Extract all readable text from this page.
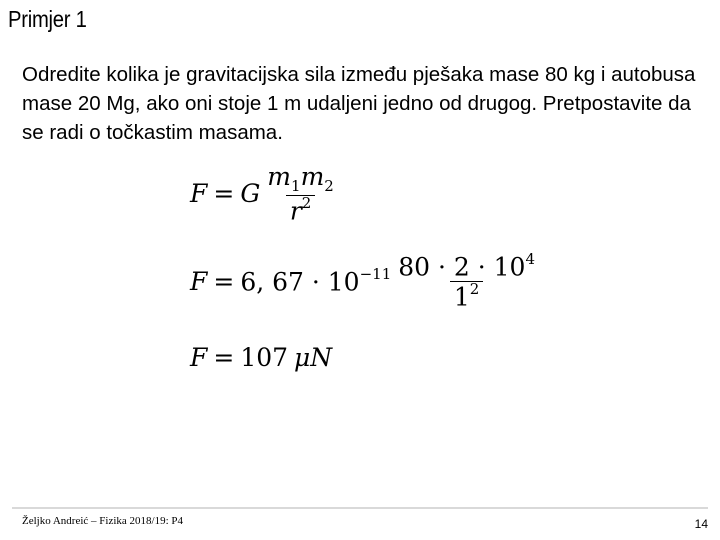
Primjer 1
Odredite kolika je gravitacijska sila između pješaka mase 80 kg i autobusa mase 20 Mg, ako oni stoje 1 m udaljeni jedno od drugog. Pretpostavite da se radi o točkastim masama.
F = G $\frac{m_1m_2}{r^2}$
F = 6, $67 \cdot 10^{-11} \frac{80 \cdot 2 \cdot 10^4}{1^2}$
F = 107 μ N
Željko Andreić – Fizika 2018/19: P4	14
